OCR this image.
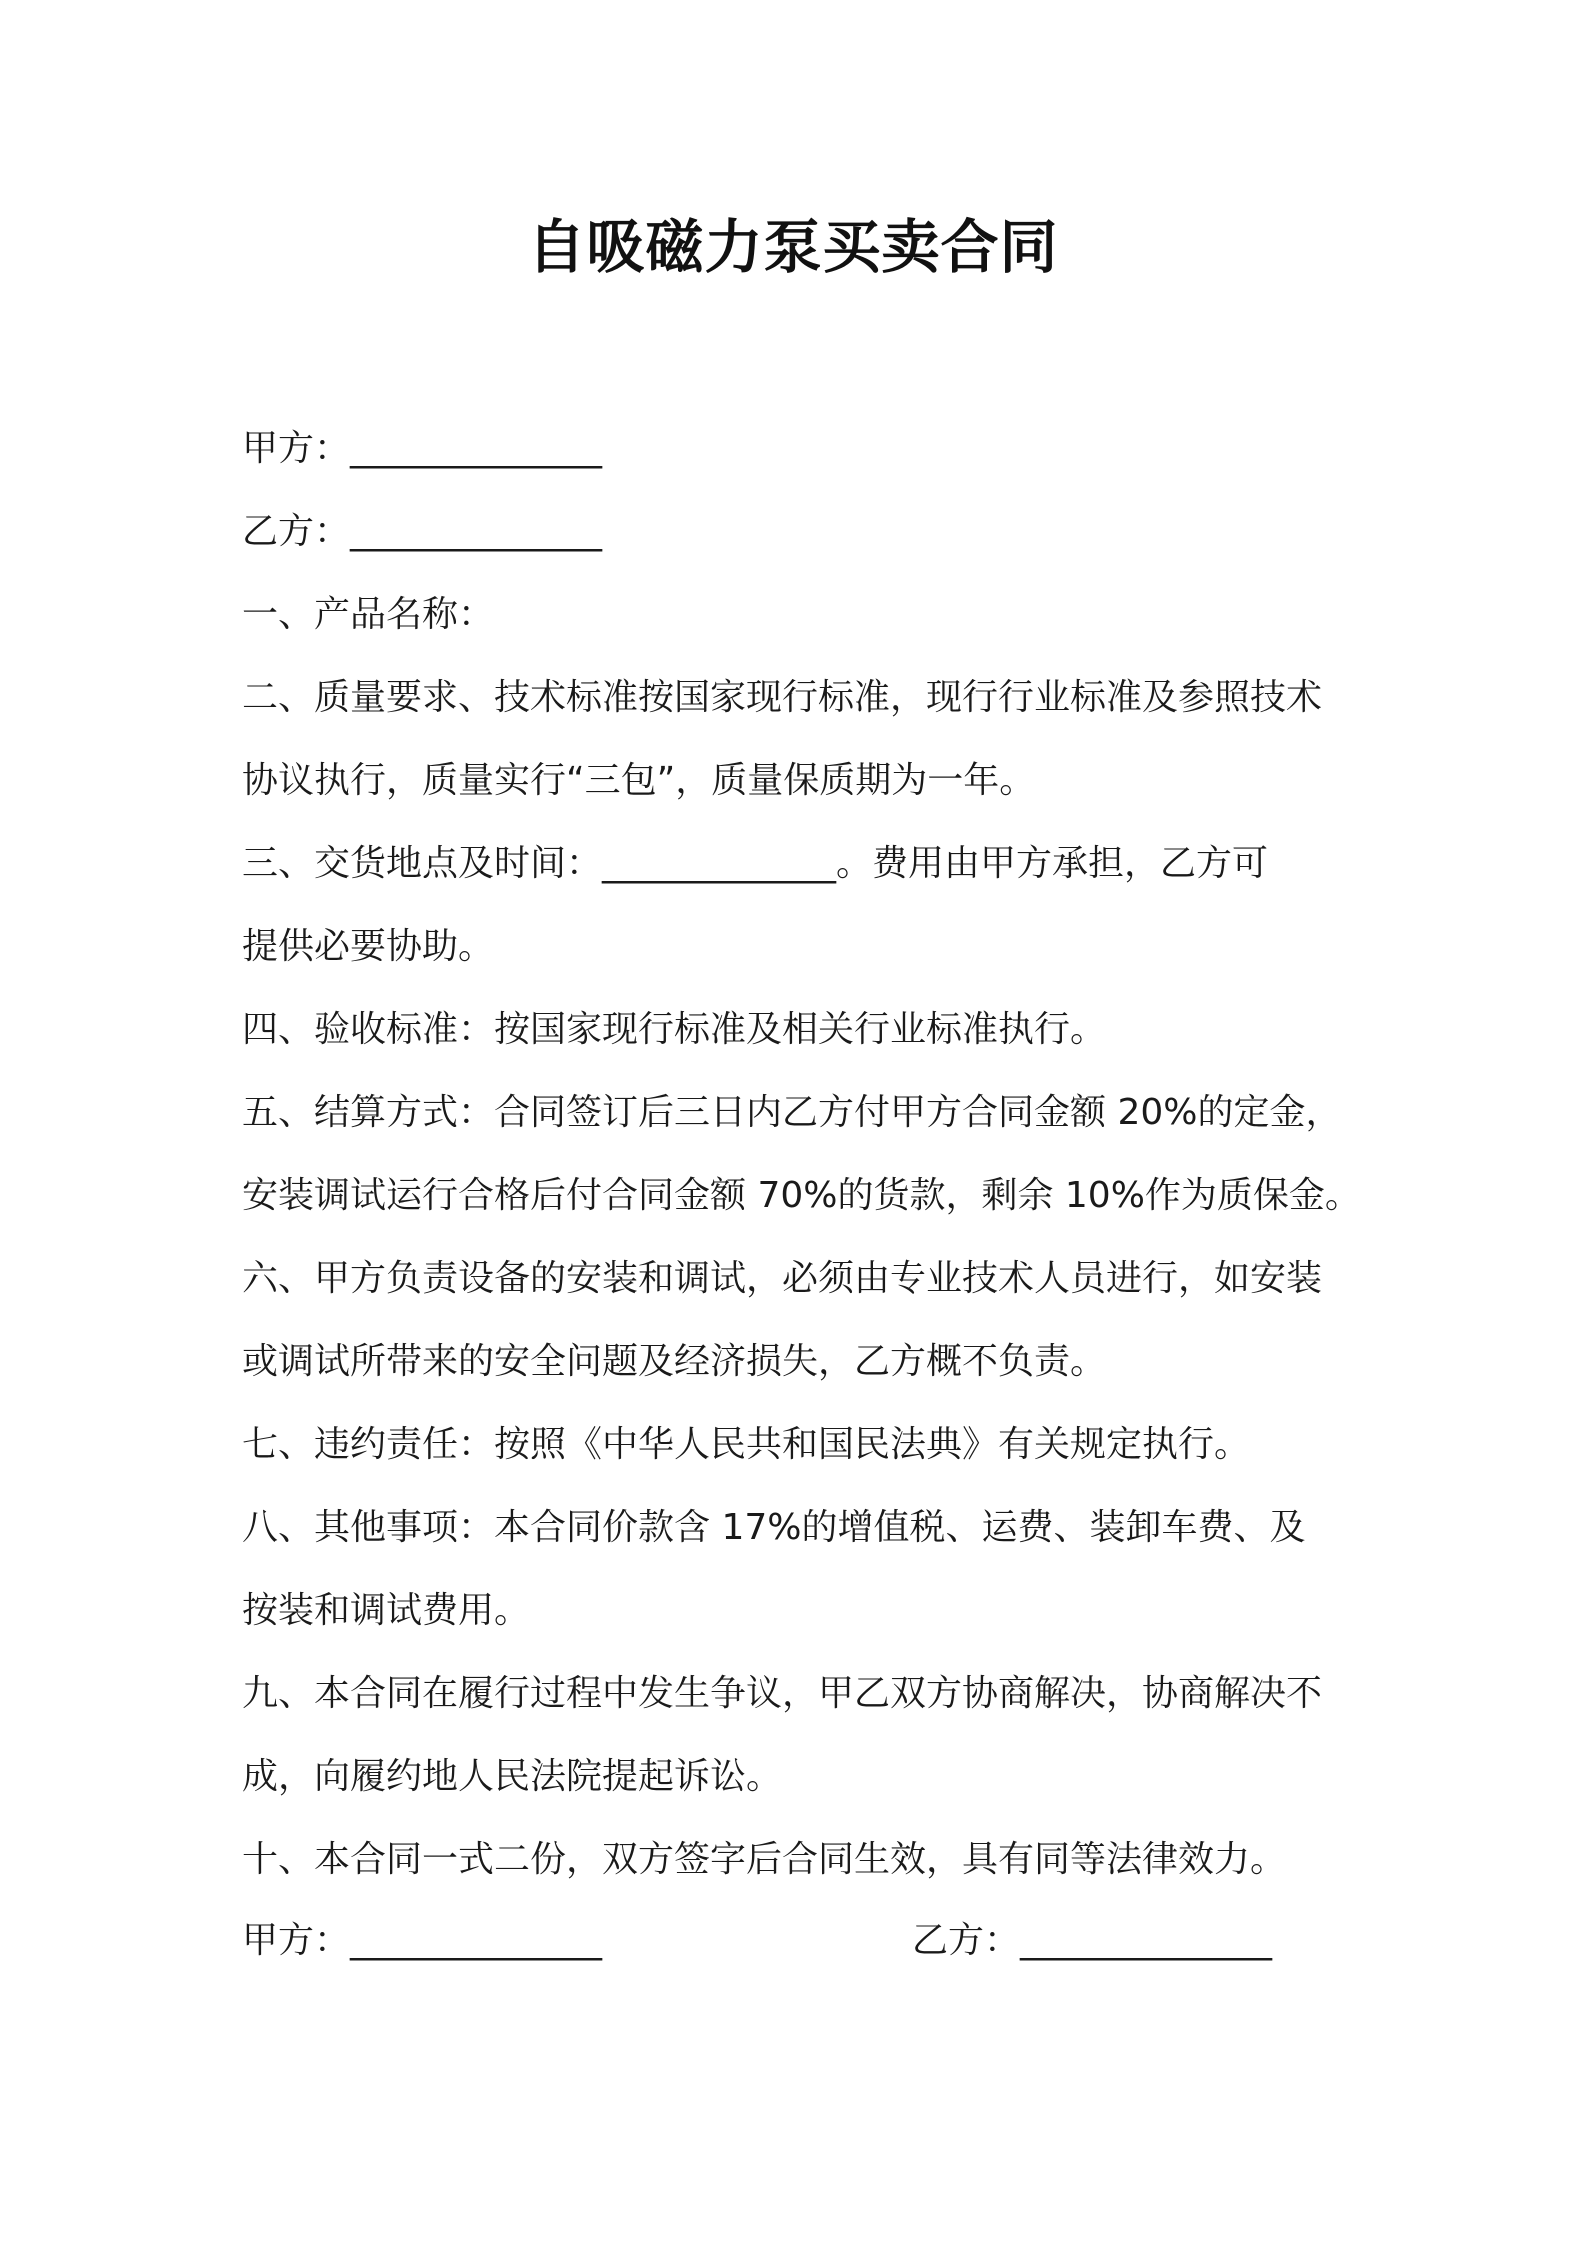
自吸磁力泵买卖合同
甲方： ______________
乙方： ______________
一、产品名称：
二、质量要求、技术标准按国家现行标准，现行行业标准及参照技术
协议执行，质量实行“三包”，质量保质期为一年。
三、交货地点及时间：_____________。费用由甲方承担，乙方可
提供必要协助。
四、验收标准：按国家现行标准及相关行业标准执行。
五、结算方式：合同签订后三日内乙方付甲方合同金额 20%的定金，
安装调试运行合格后付合同金额 70%的货款，剩余 10%作为质保金。
六、甲方负责设备的安装和调试，必须由专业技术人员进行，如安装
或调试所带来的安全问题及经济损失，乙方概不负责。
七、违约责任：按照《中华人民共和国民法典》有关规定执行。
八、其他事项：本合同价款含 17%的增值税、运费、装卸车费、及
按装和调试费用。
九、本合同在履行过程中发生争议，甲乙双方协商解决，协商解决不
成，向履约地人民法院提起诉讼。
十、本合同一式二份，双方签字后合同生效，具有同等法律效力。
甲方：______________	乙方：______________
